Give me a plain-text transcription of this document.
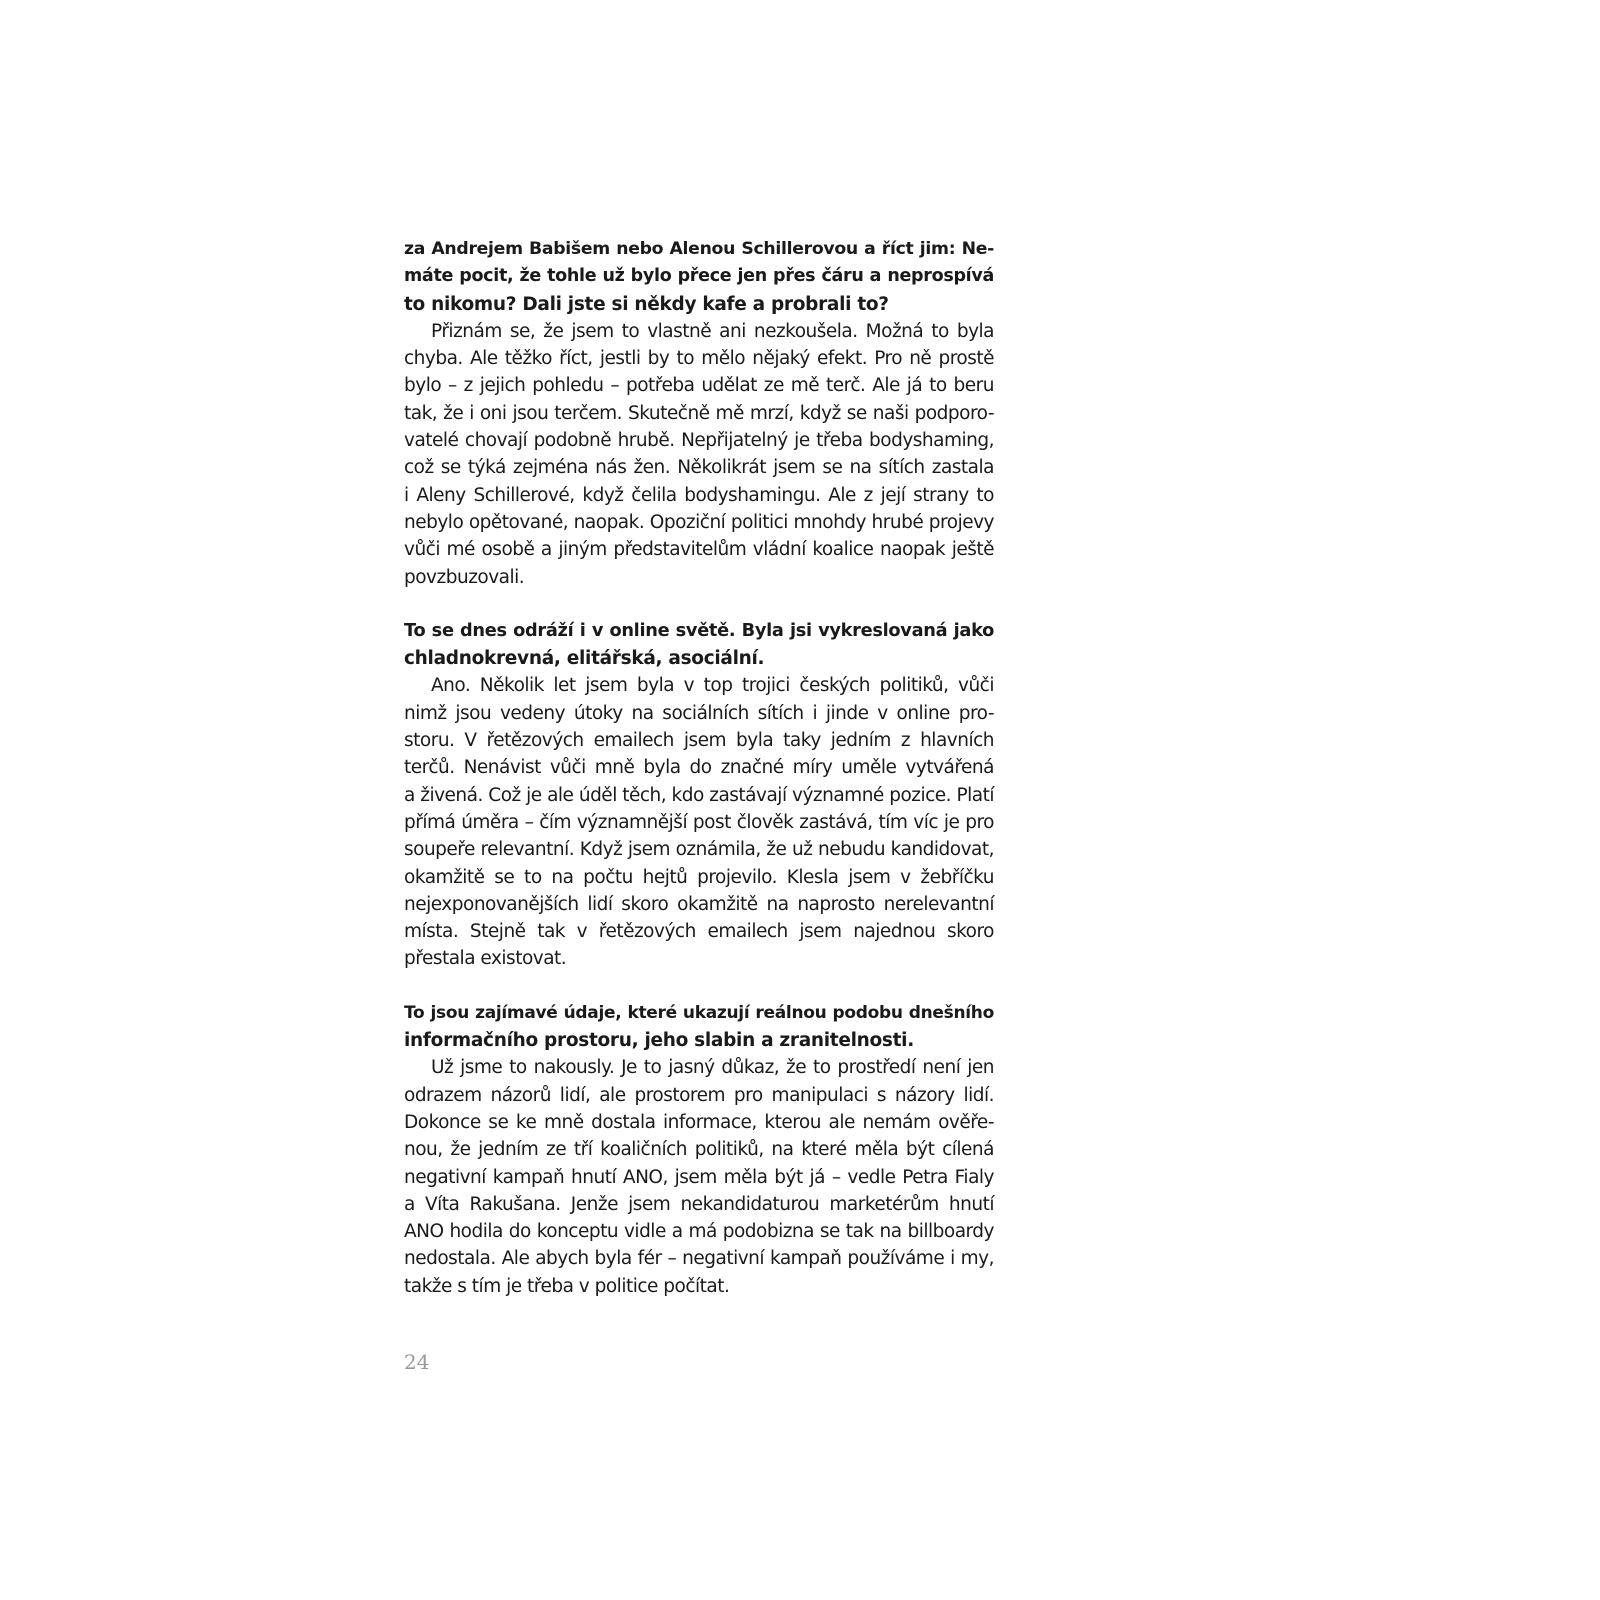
za Andrejem Babišem nebo Alenou Schillerovou a říct jim: Ne-
máte pocit, že tohle už bylo přece jen přes čáru a neprospívá
to nikomu? Dali jste si někdy kafe a probrali to?
Přiznám se, že jsem to vlastně ani nezkoušela. Možná to byla
chyba. Ale těžko říct, jestli by to mělo nějaký efekt. Pro ně prostě
bylo – z jejich pohledu – potřeba udělat ze mě terč. Ale já to beru
tak, že i oni jsou terčem. Skutečně mě mrzí, když se naši podporo-
vatelé chovají podobně hrubě. Nepřijatelný je třeba bodyshaming,
což se týká zejména nás žen. Několikrát jsem se na sítích zastala
i Aleny Schillerové, když čelila bodyshamingu. Ale z její strany to
nebylo opětované, naopak. Opoziční politici mnohdy hrubé projevy
vůči mé osobě a jiným představitelům vládní koalice naopak ještě
povzbuzovali.
To se dnes odráží i v online světě. Byla jsi vykreslovaná jako
chladnokrevná, elitářská, asociální.
Ano. Několik let jsem byla v top trojici českých politiků, vůči
nimž jsou vedeny útoky na sociálních sítích i jinde v online pro-
storu. V řetězových emailech jsem byla taky jedním z hlavních
terčů. Nenávist vůči mně byla do značné míry uměle vytvářená
a živená. Což je ale úděl těch, kdo zastávají významné pozice. Platí
přímá úměra – čím významnější post člověk zastává, tím víc je pro
soupeře relevantní. Když jsem oznámila, že už nebudu kandidovat,
okamžitě se to na počtu hejtů projevilo. Klesla jsem v žebříčku
nejexponovanějších lidí skoro okamžitě na naprosto nerelevantní
místa. Stejně tak v řetězových emailech jsem najednou skoro
přestala existovat.
To jsou zajímavé údaje, které ukazují reálnou podobu dnešního
informačního prostoru, jeho slabin a zranitelnosti.
Už jsme to nakously. Je to jasný důkaz, že to prostředí není jen
odrazem názorů lidí, ale prostorem pro manipulaci s názory lidí.
Dokonce se ke mně dostala informace, kterou ale nemám ověře-
nou, že jedním ze tří koaličních politiků, na které měla být cílená
negativní kampaň hnutí ANO, jsem měla být já – vedle Petra Fialy
a Víta Rakušana. Jenže jsem nekandidaturou marketérům hnutí
ANO hodila do konceptu vidle a má podobizna se tak na billboardy
nedostala. Ale abych byla fér – negativní kampaň používáme i my,
takže s tím je třeba v politice počítat.
24
